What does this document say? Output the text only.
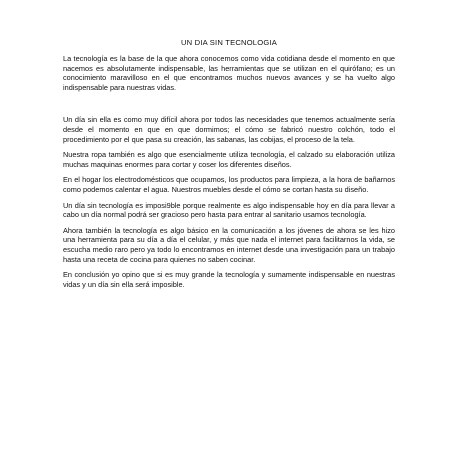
UN DIA SIN TECNOLOGIA

La tecnología es la base de la que ahora conocemos como vida cotidiana desde el momento en que nacemos es absolutamente indispensable, las herramientas que se utilizan en el quirófano; es un conocimiento maravilloso en el que encontramos muchos nuevos avances y se ha vuelto algo indispensable para nuestras vidas.

Un día sin ella es como muy difícil ahora por todos las necesidades que tenemos actualmente sería desde el momento en que en que dormimos; el cómo se fabricó nuestro colchón, todo el procedimiento por el que pasa su creación, las sabanas, las cobijas, el proceso de la tela.

Nuestra ropa también es algo que esencialmente utiliza tecnología, el calzado su elaboración utiliza muchas maquinas enormes para cortar y coser los diferentes diseños.

En el hogar los electrodomésticos que ocupamos, los productos para limpieza, a la hora de bañarnos como podemos calentar el agua. Nuestros muebles desde el cómo se cortan hasta su diseño.

Un día sin tecnología es imposi9ble porque realmente es algo indispensable hoy en día para llevar a cabo un día normal podrá ser gracioso pero hasta para entrar al sanitario usamos tecnología.

Ahora también la tecnología es algo básico en la comunicación a los jóvenes de ahora se les hizo una herramienta para su día a día el celular, y más que nada el internet para facilitarnos la vida, se escucha medio raro pero ya todo lo encontramos en internet desde una investigación para un trabajo hasta una receta de cocina para quienes no saben cocinar.

En conclusión yo opino que si es muy grande la tecnología y sumamente indispensable en nuestras vidas y un día sin ella será imposible.
